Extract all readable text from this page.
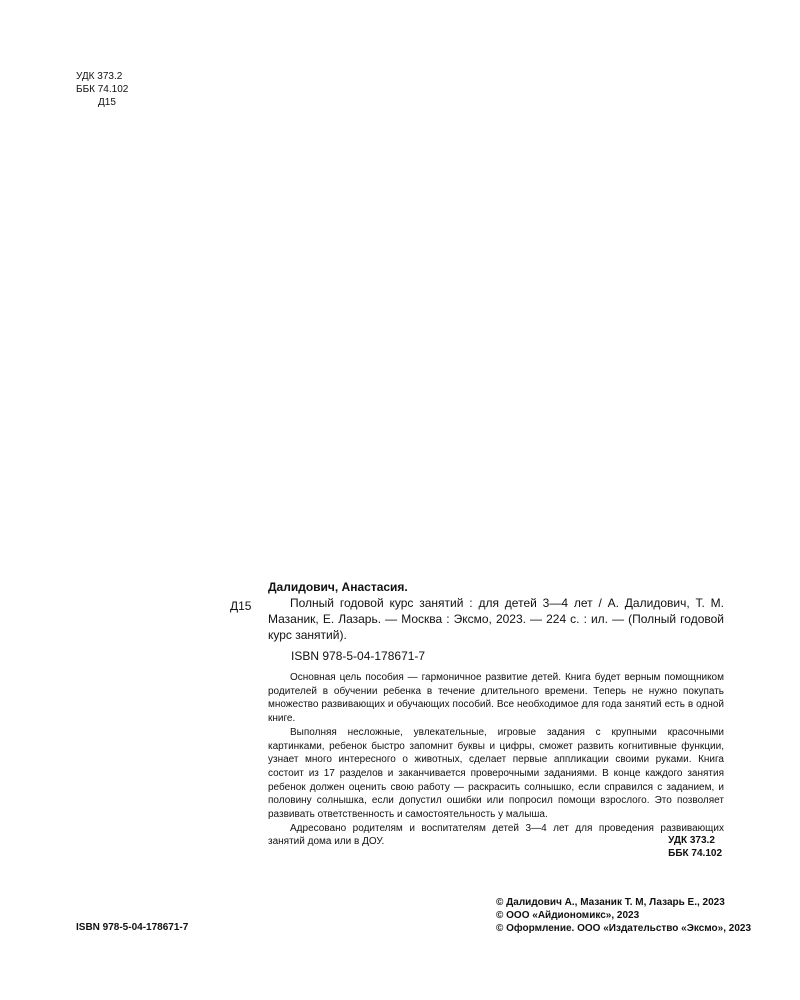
УДК 373.2
ББК 74.102
Д15
Д15
Далидович, Анастасия.
Полный годовой курс занятий : для детей 3—4 лет / А. Далидович, Т. М. Мазаник, Е. Лазарь. — Москва : Эксмо, 2023. — 224 с. : ил. — (Полный годовой курс занятий).
ISBN 978-5-04-178671-7

Основная цель пособия — гармоничное развитие детей. Книга будет верным помощником родителей в обучении ребенка в течение длительного времени. Теперь не нужно покупать множество развивающих и обучающих пособий. Все необходимое для года занятий есть в одной книге.

Выполняя несложные, увлекательные, игровые задания с крупными красочными картинками, ребенок быстро запомнит буквы и цифры, сможет развить когнитивные функции, узнает много интересного о животных, сделает первые аппликации своими руками. Книга состоит из 17 разделов и заканчивается проверочными заданиями. В конце каждого занятия ребенок должен оценить свою работу — раскрасить солнышко, если справился с заданием, и половину солнышка, если допустил ошибки или попросил помощи взрослого. Это позволяет развивать ответственность и самостоятельность у малыша.

Адресовано родителям и воспитателям детей 3—4 лет для проведения развивающих занятий дома или в ДОУ.	УДК 373.2
ББК 74.102
ISBN 978-5-04-178671-7
© Далидович А., Мазаник Т. М, Лазарь Е., 2023
© ООО «Айдиономикс», 2023
© Оформление. ООО «Издательство «Эксмо», 2023
